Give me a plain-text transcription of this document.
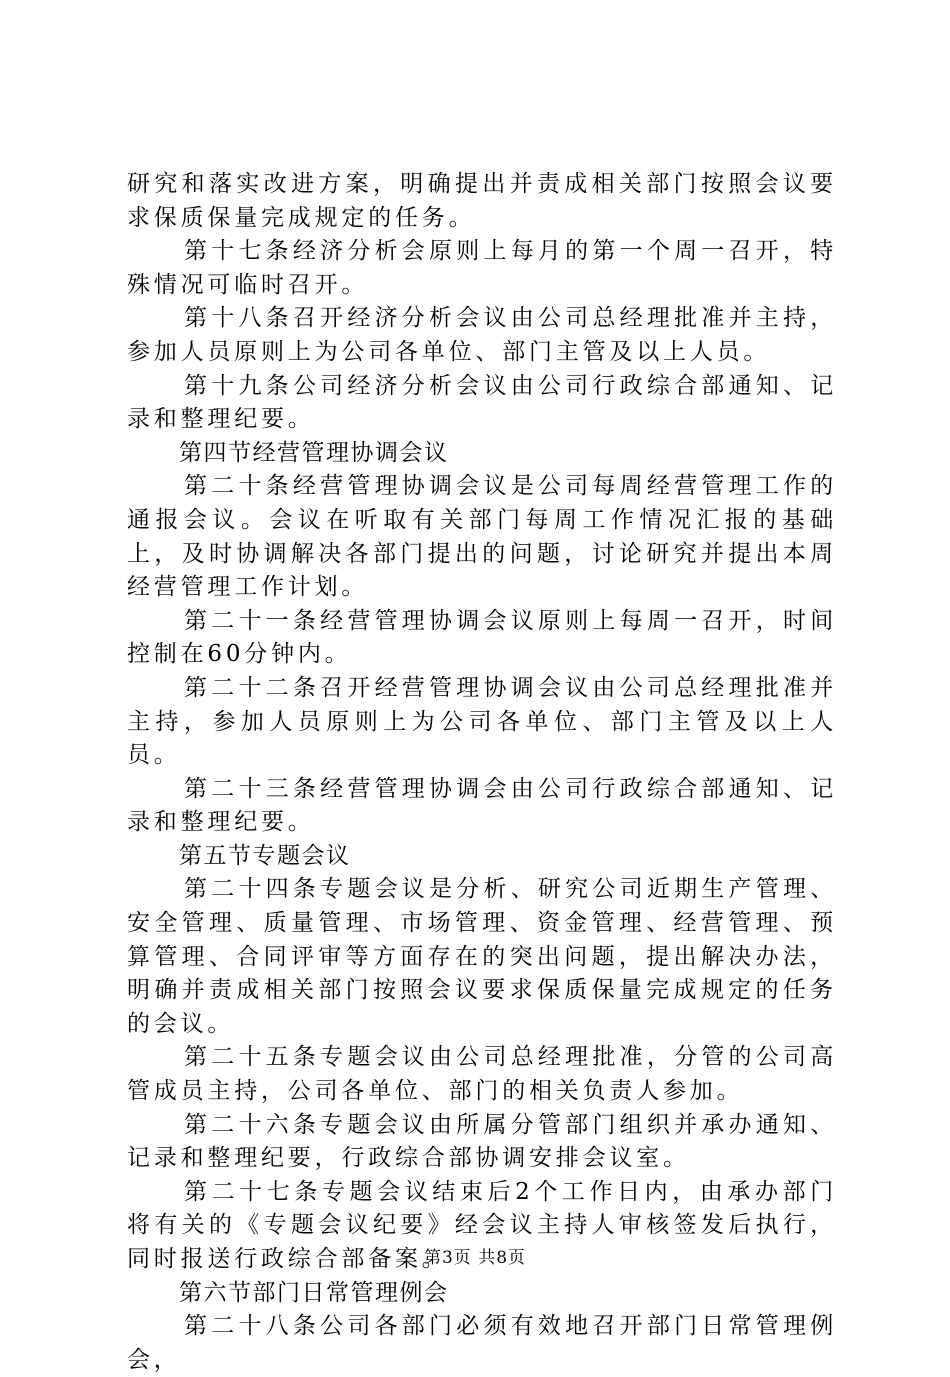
研究和落实改进方案，明确提出并责成相关部门按照会议要求保质保量完成规定的任务。

第十七条经济分析会原则上每月的第一个周一召开，特殊情况可临时召开。

第十八条召开经济分析会议由公司总经理批准并主持，参加人员原则上为公司各单位、部门主管及以上人员。

第十九条公司经济分析会议由公司行政综合部通知、记录和整理纪要。

第四节经营管理协调会议

第二十条经营管理协调会议是公司每周经营管理工作的通报会议。会议在听取有关部门每周工作情况汇报的基础上，及时协调解决各部门提出的问题，讨论研究并提出本周经营管理工作计划。

第二十一条经营管理协调会议原则上每周一召开，时间控制在60分钟内。

第二十二条召开经营管理协调会议由公司总经理批准并主持，参加人员原则上为公司各单位、部门主管及以上人员。

第二十三条经营管理协调会由公司行政综合部通知、记录和整理纪要。

第五节专题会议

第二十四条专题会议是分析、研究公司近期生产管理、安全管理、质量管理、市场管理、资金管理、经营管理、预算管理、合同评审等方面存在的突出问题，提出解决办法，明确并责成相关部门按照会议要求保质保量完成规定的任务的会议。

第二十五条专题会议由公司总经理批准，分管的公司高管成员主持，公司各单位、部门的相关负责人参加。

第二十六条专题会议由所属分管部门组织并承办通知、记录和整理纪要，行政综合部协调安排会议室。

第二十七条专题会议结束后2个工作日内，由承办部门将有关的《专题会议纪要》经会议主持人审核签发后执行，同时报送行政综合部备案。

第六节部门日常管理例会

第二十八条公司各部门必须有效地召开部门日常管理例会，

第3页 共8页
